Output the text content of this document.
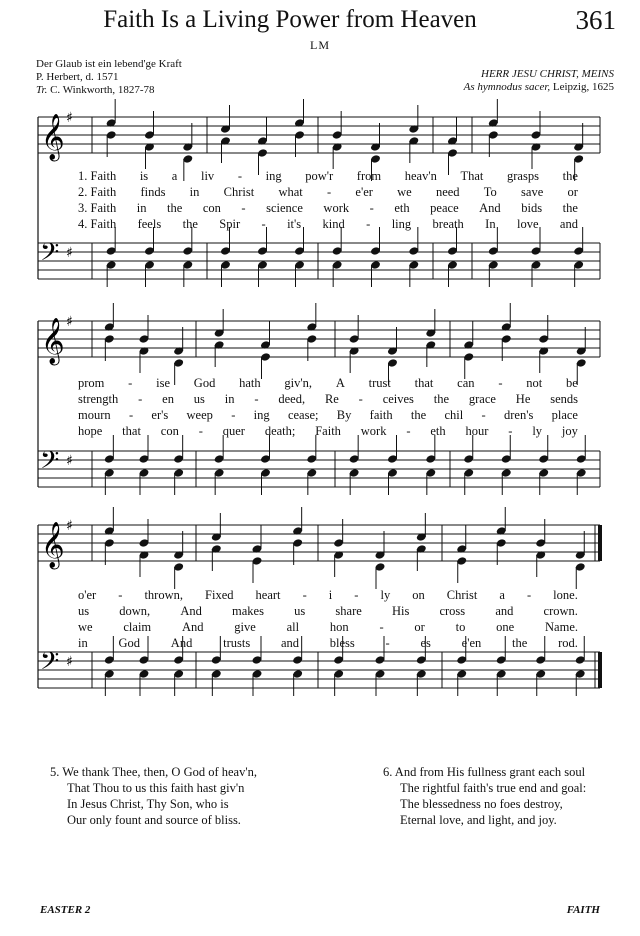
Faith Is a Living Power from Heaven	361
LM
Der Glaub ist ein lebend'ge Kraft
P. Herbert, d. 1571
Tr. C. Winkworth, 1827-78
HERR JESU CHRIST, MEINS
As hymnodus sacer, Leipzig, 1625
𝄞 ♯
𝄢 ♯
𝄞 ♯
𝄢 ♯
𝄞 ♯
𝄢 ♯
1. Faith is a liv - ing pow'r from heav'n That grasps the
2. Faith finds in Christ what - e'er we need To save or
3. Faith in the con - science work - eth peace And bids the
4. Faith feels the Spir - it's kind - ling breath In love and
prom - ise God hath giv'n, A trust that can - not be
strength - en us in - deed, Re - ceives the grace He sends
mourn - er's weep - ing cease; By faith the chil - dren's place
hope that con - quer death; Faith work - eth hour - ly joy
o'er - thrown, Fixed heart - i - ly on Christ a - lone.
us down, And makes us share His cross and crown.
we claim And give all hon - or to one Name.
in God And trusts and bless - es e'en the rod.
5. We thank Thee, then, O God of heav'n,
That Thou to us this faith hast giv'n
In Jesus Christ, Thy Son, who is
Our only fount and source of bliss.
6. And from His fullness grant each soul
The rightful faith's true end and goal:
The blessedness no foes destroy,
Eternal love, and light, and joy.
EASTER 2	FAITH
